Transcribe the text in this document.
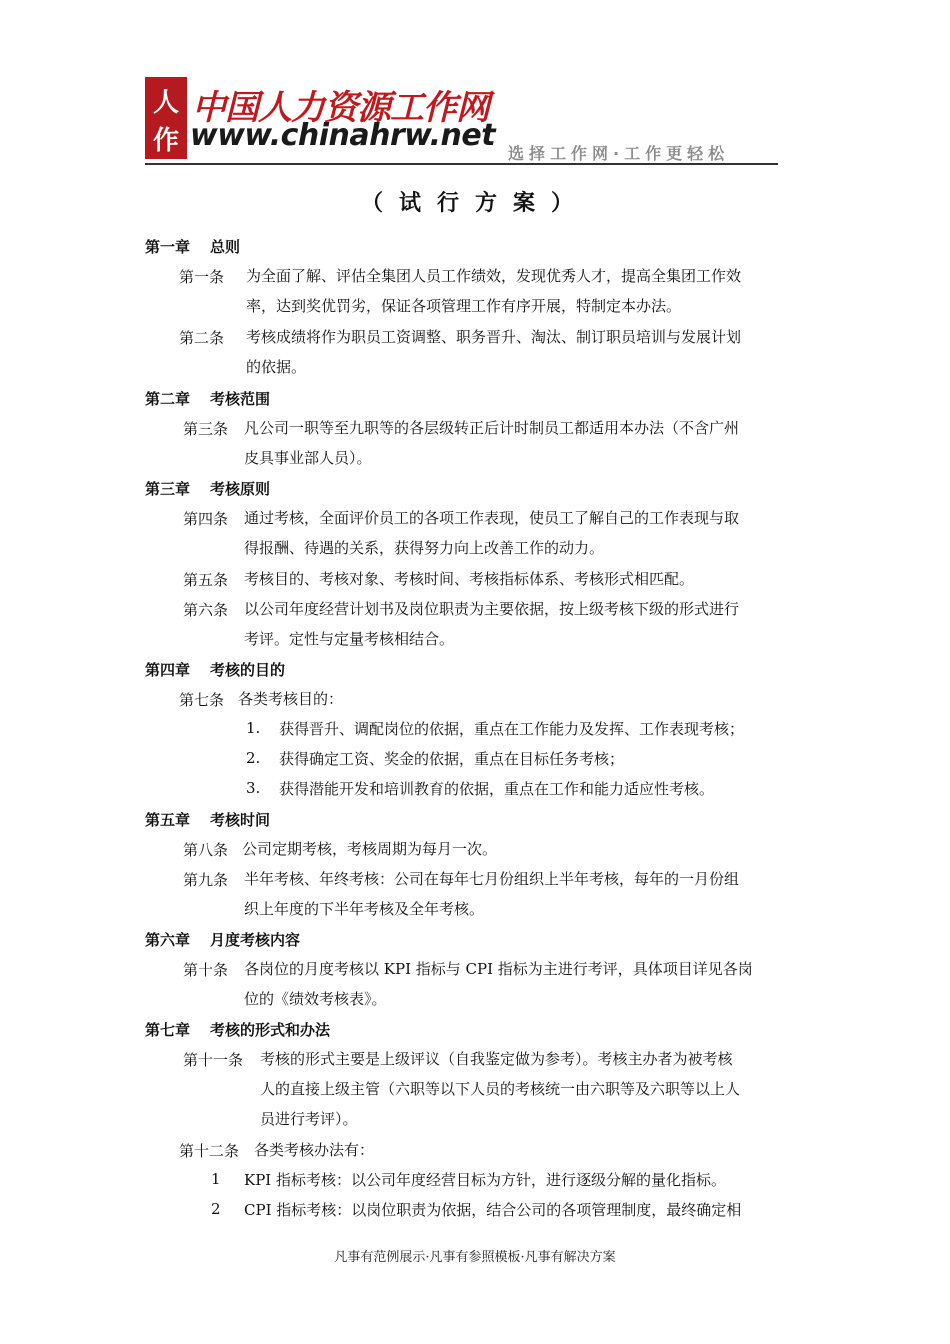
人
作
中国人力资源工作网
www.chinahrw.net
选择工作网·工作更轻松
（试行方案）
第一章 总则
第一条 为全面了解、评估全集团人员工作绩效，发现优秀人才，提高全集团工作效
率，达到奖优罚劣，保证各项管理工作有序开展，特制定本办法。
第二条 考核成绩将作为职员工资调整、职务晋升、淘汰、制订职员培训与发展计划
的依据。
第二章 考核范围
第三条 凡公司一职等至九职等的各层级转正后计时制员工都适用本办法（不含广州
皮具事业部人员）。
第三章 考核原则
第四条 通过考核，全面评价员工的各项工作表现，使员工了解自己的工作表现与取
得报酬、待遇的关系，获得努力向上改善工作的动力。
第五条 考核目的、考核对象、考核时间、考核指标体系、考核形式相匹配。
第六条 以公司年度经营计划书及岗位职责为主要依据，按上级考核下级的形式进行
考评。定性与定量考核相结合。
第四章 考核的目的
第七条 各类考核目的：
1. 获得晋升、调配岗位的依据，重点在工作能力及发挥、工作表现考核；
2. 获得确定工资、奖金的依据，重点在目标任务考核；
3. 获得潜能开发和培训教育的依据，重点在工作和能力适应性考核。
第五章 考核时间
第八条 公司定期考核，考核周期为每月一次。
第九条 半年考核、年终考核：公司在每年七月份组织上半年考核，每年的一月份组
织上年度的下半年考核及全年考核。
第六章 月度考核内容
第十条 各岗位的月度考核以 KPI 指标与 CPI 指标为主进行考评，具体项目详见各岗
位的《绩效考核表》。
第七章 考核的形式和办法
第十一条 考核的形式主要是上级评议（自我鉴定做为参考）。考核主办者为被考核
人的直接上级主管（六职等以下人员的考核统一由六职等及六职等以上人
员进行考评）。
第十二条 各类考核办法有：
1 KPI 指标考核：以公司年度经营目标为方针，进行逐级分解的量化指标。
2 CPI 指标考核：以岗位职责为依据，结合公司的各项管理制度，最终确定相
凡事有范例展示·凡事有参照模板·凡事有解决方案
